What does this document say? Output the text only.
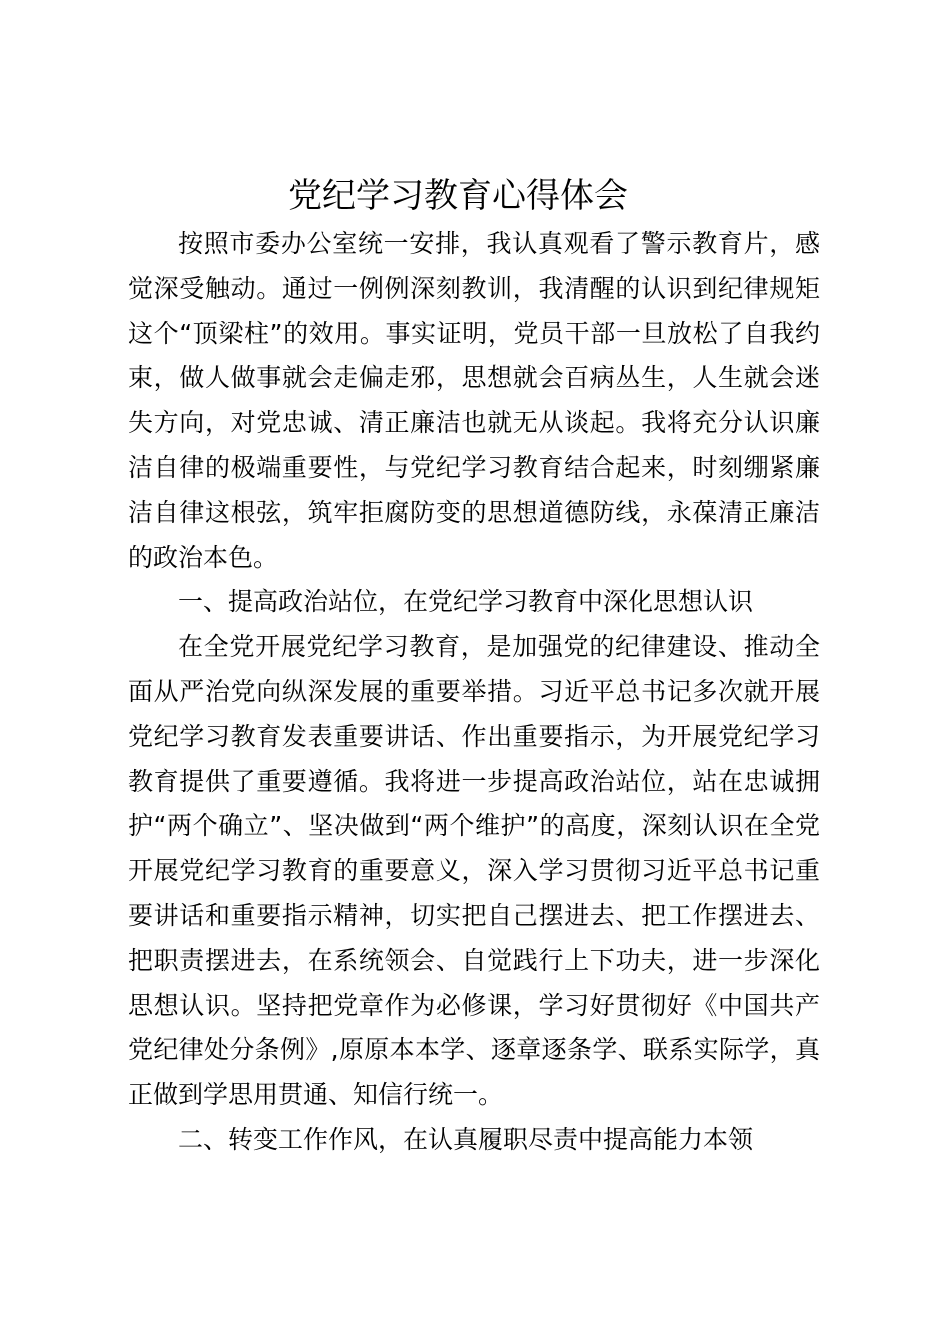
党纪学习教育心得体会

按照市委办公室统一安排，我认真观看了警示教育片，感觉深受触动。通过一例例深刻教训，我清醒的认识到纪律规矩这个“顶梁柱”的效用。事实证明，党员干部一旦放松了自我约束，做人做事就会走偏走邪，思想就会百病丛生，人生就会迷失方向，对党忠诚、清正廉洁也就无从谈起。我将充分认识廉洁自律的极端重要性，与党纪学习教育结合起来，时刻绷紧廉洁自律这根弦，筑牢拒腐防变的思想道德防线，永葆清正廉洁的政治本色。

一、提高政治站位，在党纪学习教育中深化思想认识

在全党开展党纪学习教育，是加强党的纪律建设、推动全面从严治党向纵深发展的重要举措。习近平总书记多次就开展党纪学习教育发表重要讲话、作出重要指示，为开展党纪学习教育提供了重要遵循。我将进一步提高政治站位，站在忠诚拥护“两个确立”、坚决做到“两个维护”的高度，深刻认识在全党开展党纪学习教育的重要意义，深入学习贯彻习近平总书记重要讲话和重要指示精神，切实把自己摆进去、把工作摆进去、把职责摆进去，在系统领会、自觉践行上下功夫，进一步深化思想认识。坚持把党章作为必修课，学习好贯彻好《中国共产党纪律处分条例》,原原本本学、逐章逐条学、联系实际学，真正做到学思用贯通、知信行统一。

二、转变工作作风，在认真履职尽责中提高能力本领
